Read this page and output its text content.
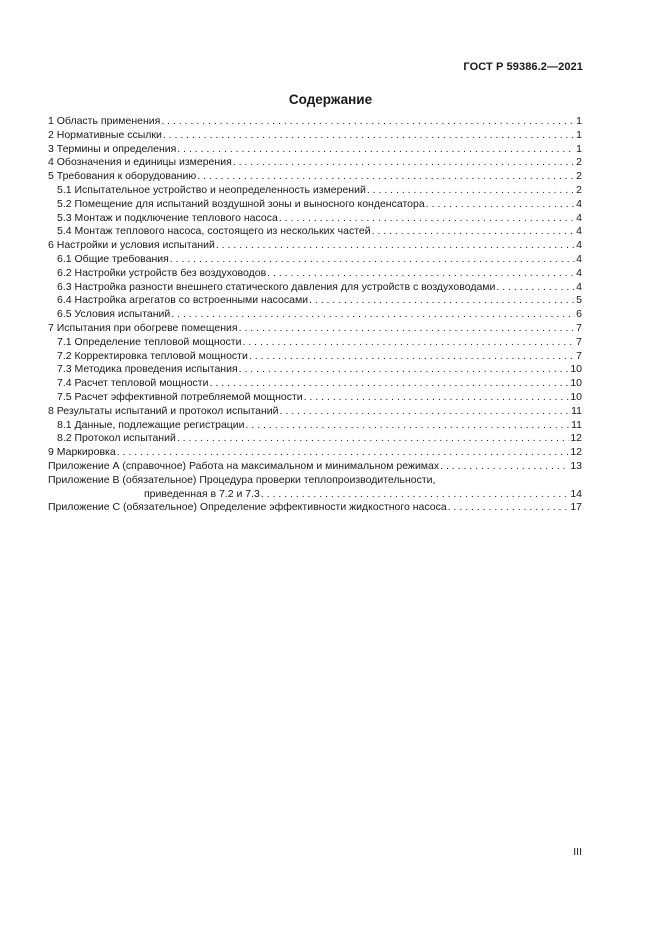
ГОСТ Р 59386.2—2021
Содержание
1 Область применения . . .	1
2 Нормативные ссылки . . .	1
3 Термины и определения . . .	1
4 Обозначения и единицы измерения . . .	2
5 Требования к оборудованию . . .	2
5.1 Испытательное устройство и неопределенность измерений . . .	2
5.2 Помещение для испытаний воздушной зоны и выносного конденсатора . . .	4
5.3 Монтаж и подключение теплового насоса . . .	4
5.4 Монтаж теплового насоса, состоящего из нескольких частей . . .	4
6 Настройки и условия испытаний . . .	4
6.1 Общие требования . . .	4
6.2 Настройки устройств без воздуховодов . . .	4
6.3 Настройка разности внешнего статического давления для устройств с воздуховодами . . .	4
6.4 Настройка агрегатов со встроенными насосами . . .	5
6.5 Условия испытаний . . .	6
7 Испытания при обогреве помещения . . .	7
7.1 Определение тепловой мощности . . .	7
7.2 Корректировка тепловой мощности . . .	7
7.3 Методика проведения испытания . . .	10
7.4 Расчет тепловой мощности . . .	10
7.5 Расчет эффективной потребляемой мощности . . .	10
8 Результаты испытаний и протокол испытаний . . .	11
8.1 Данные, подлежащие регистрации . . .	11
8.2 Протокол испытаний . . .	12
9 Маркировка . . .	12
Приложение А (справочное) Работа на максимальном и минимальном режимах . . .	13
Приложение В (обязательное) Процедура проверки теплопроизводительности,
приведенная в 7.2 и 7.3 . . .	14
Приложение С (обязательное) Определение эффективности жидкостного насоса . . .	17
III
